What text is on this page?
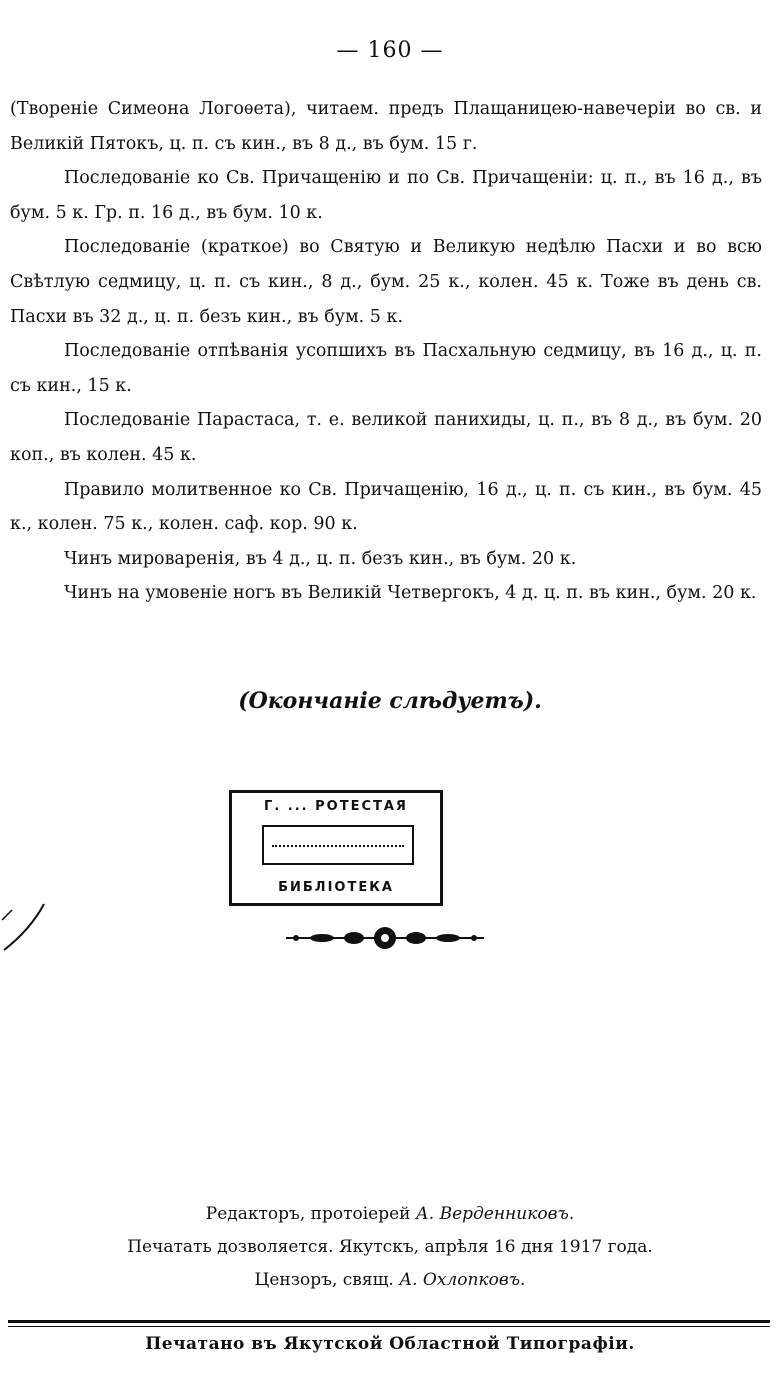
— 160 —

(Творенiе Симеона Логоѳета), читаем. предъ Плащаницею-навечерiи во св. и Великiй Пятокъ, ц. п. съ кин., въ 8 д., въ бум. 15 г.

Последованiе ко Св. Причащенiю и по Св. Причащенiи: ц. п., въ 16 д., въ бум. 5 к. Гр. п. 16 д., въ бум. 10 к.

Последованiе (краткое) во Святую и Великую недѣлю Пасхи и во всю Свѣтлую седмицу, ц. п. съ кин., 8 д., бум. 25 к., колен. 45 к. Тоже въ день св. Пасхи въ 32 д., ц. п. безъ кин., въ бум. 5 к.

Последованiе отпѣванiя усопшихъ въ Пасхальную седмицу, въ 16 д., ц. п. съ кин., 15 к.

Последованiе Парастаса, т. е. великой панихиды, ц. п., въ 8 д., въ бум. 20 коп., въ колен. 45 к.

Правило молитвенное ко Св. Причащенiю, 16 д., ц. п. съ кин., въ бум. 45 к., колен. 75 к., колен. саф. кор. 90 к.

Чинъ мироваренiя, въ 4 д., ц. п. безъ кин., въ бум. 20 к.

Чинъ на умовенiе ногъ въ Великiй Четвергокъ, 4 д. ц. п. въ кин., бум. 20 к.

(Окончанiе слѣдуетъ).
Г. ... РОТЕСТАЯ
БИБЛIОТЕКА
Редакторъ, протоiерей А. Верденниковъ.
Печатать дозволяется. Якутскъ, апрѣля 16 дня 1917 года.
Цензоръ, свящ. А. Охлопковъ.
Печатано въ Якутской Областной Типографiи.
